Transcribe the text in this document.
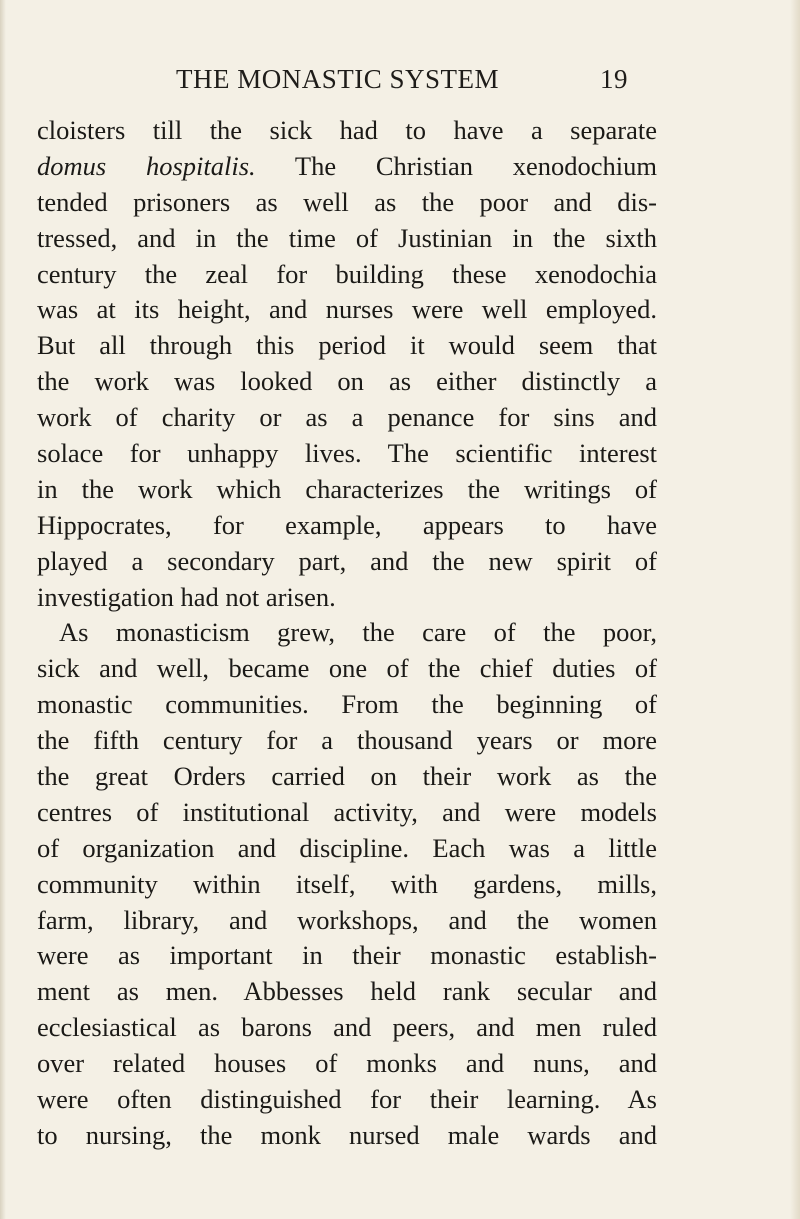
THE MONASTIC SYSTEM	19
cloisters till the sick had to have a separate
domus hospitalis. The Christian xenodochium
tended prisoners as well as the poor and dis-
tressed, and in the time of Justinian in the sixth
century the zeal for building these xenodochia
was at its height, and nurses were well employed.
But all through this period it would seem that
the work was looked on as either distinctly a
work of charity or as a penance for sins and
solace for unhappy lives. The scientific interest
in the work which characterizes the writings of
Hippocrates, for example, appears to have
played a secondary part, and the new spirit of
investigation had not arisen.
As monasticism grew, the care of the poor,
sick and well, became one of the chief duties of
monastic communities. From the beginning of
the fifth century for a thousand years or more
the great Orders carried on their work as the
centres of institutional activity, and were models
of organization and discipline. Each was a little
community within itself, with gardens, mills,
farm, library, and workshops, and the women
were as important in their monastic establish-
ment as men. Abbesses held rank secular and
ecclesiastical as barons and peers, and men ruled
over related houses of monks and nuns, and
were often distinguished for their learning. As
to nursing, the monk nursed male wards and
